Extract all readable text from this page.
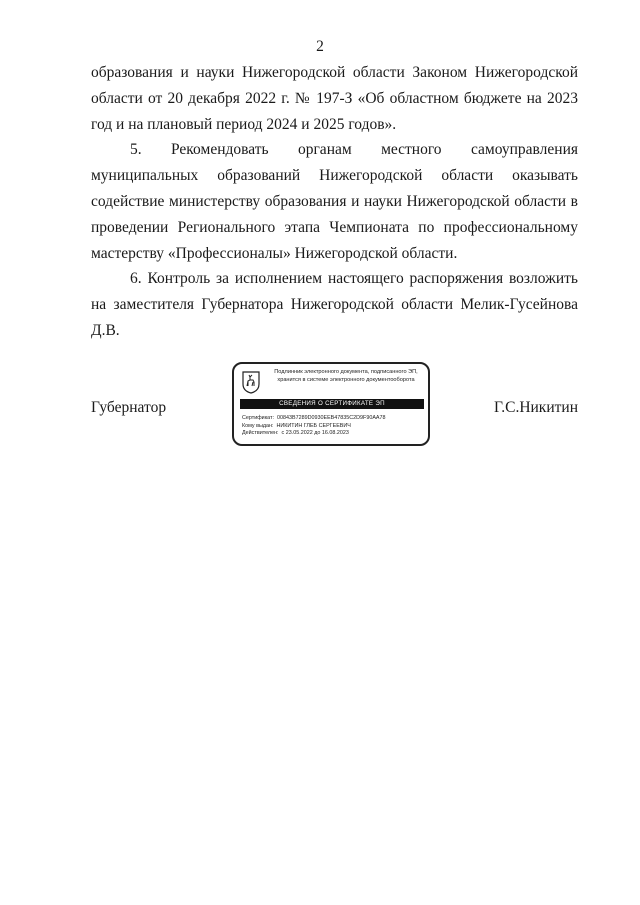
2

образования и науки Нижегородской области Законом Нижегородской области от 20 декабря 2022 г. № 197-З «Об областном бюджете на 2023 год и на плановый период 2024 и 2025 годов».

5. Рекомендовать органам местного самоуправления муниципальных образований Нижегородской области оказывать содействие министерству образования и науки Нижегородской области в проведении Регионального этапа Чемпионата по профессиональному мастерству «Профессионалы» Нижегородской области.

6. Контроль за исполнением настоящего распоряжения возложить на заместителя Губернатора Нижегородской области Мелик-Гусейнова Д.В.

Губернатор
Подлинник электронного документа, подписанного ЭП,
хранится в системе электронного документооборота
СВЕДЕНИЯ О СЕРТИФИКАТЕ ЭП
Сертификат: 00843B7289D0930EEB47835C2D9F90AA78
Кому выдан: НИКИТИН ГЛЕБ СЕРГЕЕВИЧ
Действителен: с 23.05.2022 до 16.08.2023
Г.С.Никитин
